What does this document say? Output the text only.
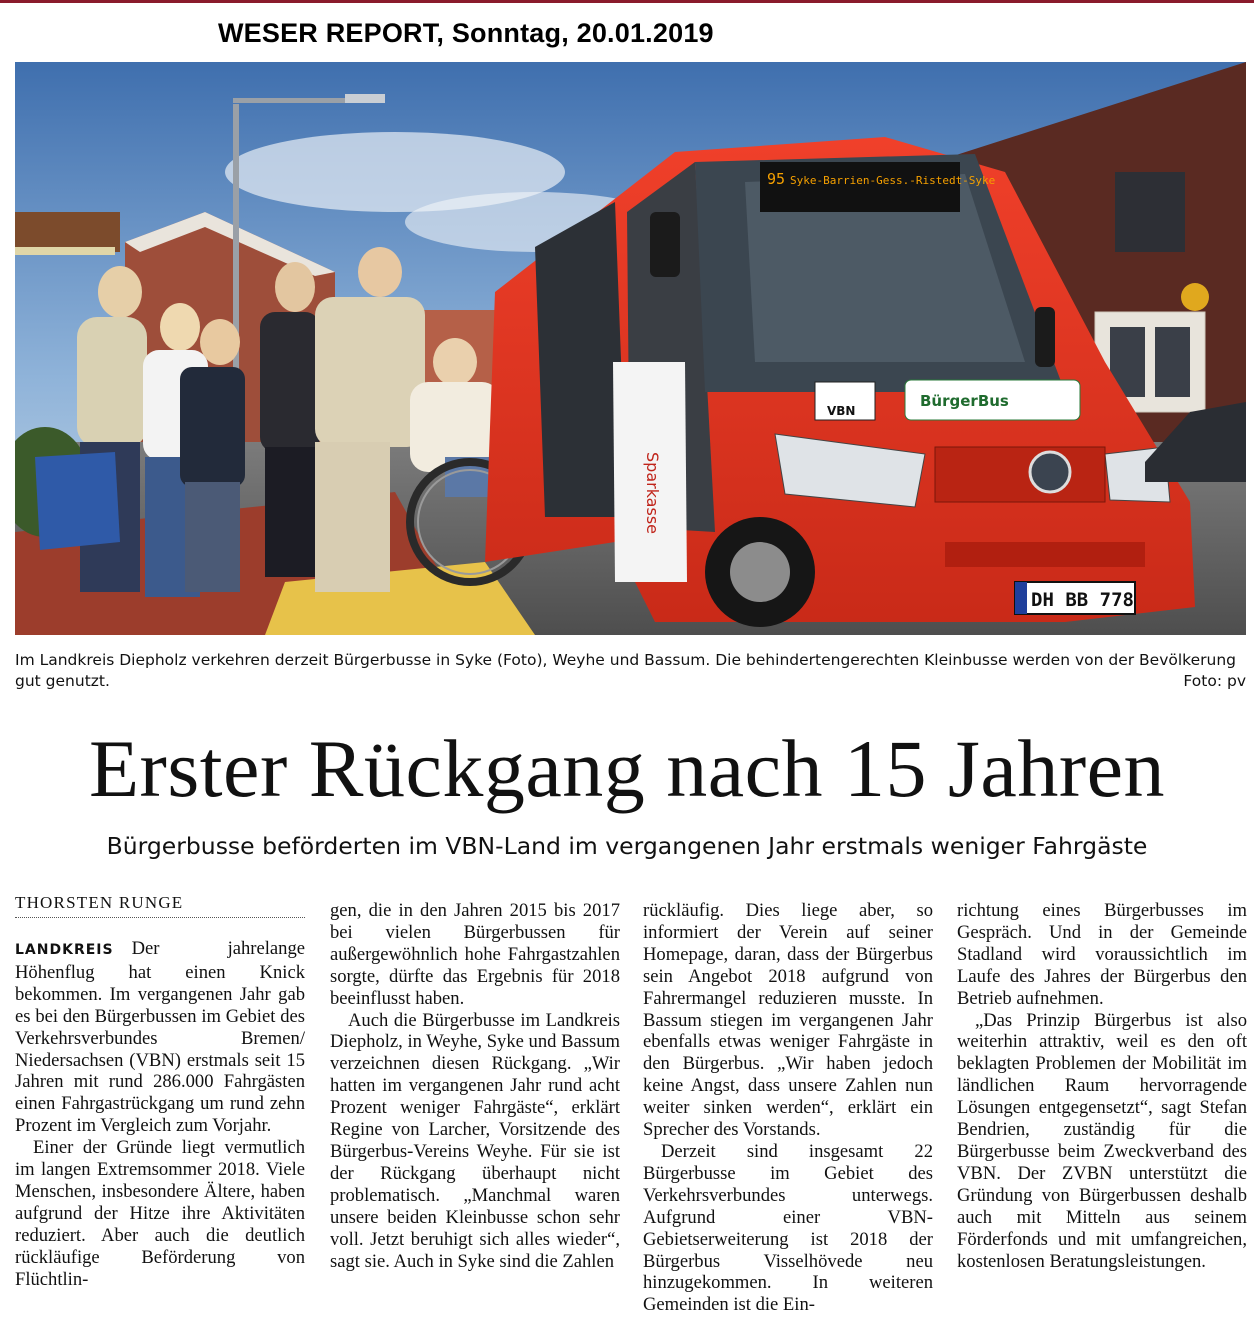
WESER REPORT, Sonntag, 20.01.2019
95 Syke-Barrien-Gess.-Ristedt-Syke
VBN
BürgerBus
DH BB 778
Sparkasse
Im Landkreis Diepholz verkehren derzeit Bürgerbusse in Syke (Foto), Weyhe und Bassum. Die behindertengerechten Kleinbusse werden von der Bevölkerung gut genutzt.	Foto: pv
Erster Rückgang nach 15 Jahren
Bürgerbusse beförderten im VBN-Land im vergangenen Jahr erstmals weniger Fahrgäste
THORSTEN RUNGE

LANDKREIS Der jahrelange Höhenflug hat einen Knick bekommen. Im vergangenen Jahr gab es bei den Bürgerbussen im Gebiet des Verkehrsverbundes Bremen/ Niedersachsen (VBN) erstmals seit 15 Jahren mit rund 286.000 Fahrgästen einen Fahrgastrückgang um rund zehn Prozent im Vergleich zum Vorjahr.

Einer der Gründe liegt vermutlich im langen Extremsommer 2018. Viele Menschen, insbesondere Ältere, haben aufgrund der Hitze ihre Aktivitäten reduziert. Aber auch die deutlich rückläufige Beförderung von Flüchtlin-

gen, die in den Jahren 2015 bis 2017 bei vielen Bürgerbussen für außergewöhnlich hohe Fahrgastzahlen sorgte, dürfte das Ergebnis für 2018 beeinflusst haben.

Auch die Bürgerbusse im Landkreis Diepholz, in Weyhe, Syke und Bassum verzeichnen diesen Rückgang. „Wir hatten im vergangenen Jahr rund acht Prozent weniger Fahrgäste“, erklärt Regine von Larcher, Vorsitzende des Bürgerbus-Vereins Weyhe. Für sie ist der Rückgang überhaupt nicht problematisch. „Manchmal waren unsere beiden Kleinbusse schon sehr voll. Jetzt beruhigt sich alles wieder“, sagt sie. Auch in Syke sind die Zahlen

rückläufig. Dies liege aber, so informiert der Verein auf seiner Homepage, daran, dass der Bürgerbus sein Angebot 2018 aufgrund von Fahrermangel reduzieren musste. In Bassum stiegen im vergangenen Jahr ebenfalls etwas weniger Fahrgäste in den Bürgerbus. „Wir haben jedoch keine Angst, dass unsere Zahlen nun weiter sinken werden“, erklärt ein Sprecher des Vorstands.

Derzeit sind insgesamt 22 Bürgerbusse im Gebiet des Verkehrsverbundes unterwegs. Aufgrund einer VBN-Gebietserweiterung ist 2018 der Bürgerbus Visselhövede neu hinzugekommen. In weiteren Gemeinden ist die Ein-

richtung eines Bürgerbusses im Gespräch. Und in der Gemeinde Stadland wird voraussichtlich im Laufe des Jahres der Bürgerbus den Betrieb aufnehmen.

„Das Prinzip Bürgerbus ist also weiterhin attraktiv, weil es den oft beklagten Problemen der Mobilität im ländlichen Raum hervorragende Lösungen entgegensetzt“, sagt Stefan Bendrien, zuständig für die Bürgerbusse beim Zweckverband des VBN. Der ZVBN unterstützt die Gründung von Bürgerbussen deshalb auch mit Mitteln aus seinem Förderfonds und mit umfangreichen, kostenlosen Beratungsleistungen.
